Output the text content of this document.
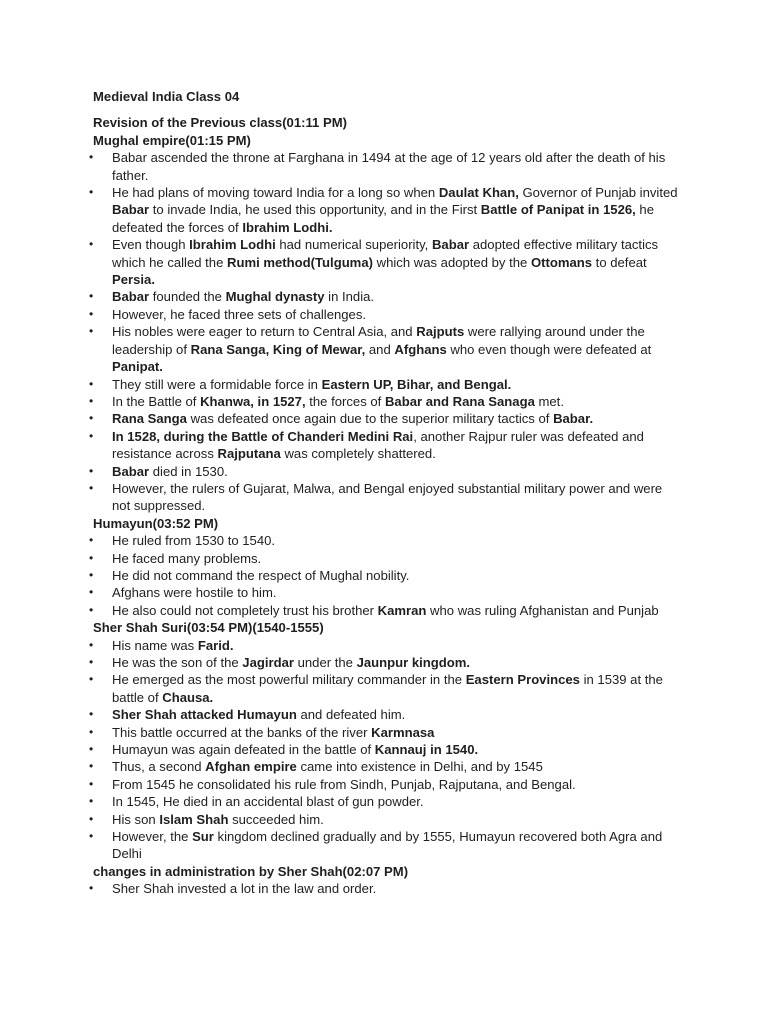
Medieval India Class 04
Revision of the Previous class(01:11 PM)
Mughal empire(01:15 PM)
• Babar ascended the throne at Farghana in 1494 at the age of 12 years old after the death of his father.
• He had plans of moving toward India for a long so when Daulat Khan, Governor of Punjab invited Babar to invade India, he used this opportunity, and in the First Battle of Panipat in 1526, he defeated the forces of Ibrahim Lodhi.
• Even though Ibrahim Lodhi had numerical superiority, Babar adopted effective military tactics which he called the Rumi method(Tulguma) which was adopted by the Ottomans to defeat Persia.
• Babar founded the Mughal dynasty in India.
• However, he faced three sets of challenges.
• His nobles were eager to return to Central Asia, and Rajputs were rallying around under the leadership of Rana Sanga, King of Mewar, and Afghans who even though were defeated at Panipat.
• They still were a formidable force in Eastern UP, Bihar, and Bengal.
• In the Battle of Khanwa, in 1527, the forces of Babar and Rana Sanaga met.
• Rana Sanga was defeated once again due to the superior military tactics of Babar.
• In 1528, during the Battle of Chanderi Medini Rai, another Rajpur ruler was defeated and resistance across Rajputana was completely shattered.
• Babar died in 1530.
• However, the rulers of Gujarat, Malwa, and Bengal enjoyed substantial military power and were not suppressed.
Humayun(03:52 PM)
• He ruled from 1530 to 1540.
• He faced many problems.
• He did not command the respect of Mughal nobility.
• Afghans were hostile to him.
• He also could not completely trust his brother Kamran who was ruling Afghanistan and Punjab
Sher Shah Suri(03:54 PM)(1540-1555)
• His name was Farid.
• He was the son of the Jagirdar under the Jaunpur kingdom.
• He emerged as the most powerful military commander in the Eastern Provinces in 1539 at the battle of Chausa.
• Sher Shah attacked Humayun and defeated him.
• This battle occurred at the banks of the river Karmnasa
• Humayun was again defeated in the battle of Kannauj in 1540.
• Thus, a second Afghan empire came into existence in Delhi, and by 1545
• From 1545 he consolidated his rule from Sindh, Punjab, Rajputana, and Bengal.
• In 1545, He died in an accidental blast of gun powder.
• His son Islam Shah succeeded him.
• However, the Sur kingdom declined gradually and by 1555, Humayun recovered both Agra and Delhi
changes in administration by Sher Shah(02:07 PM)
• Sher Shah invested a lot in the law and order.
